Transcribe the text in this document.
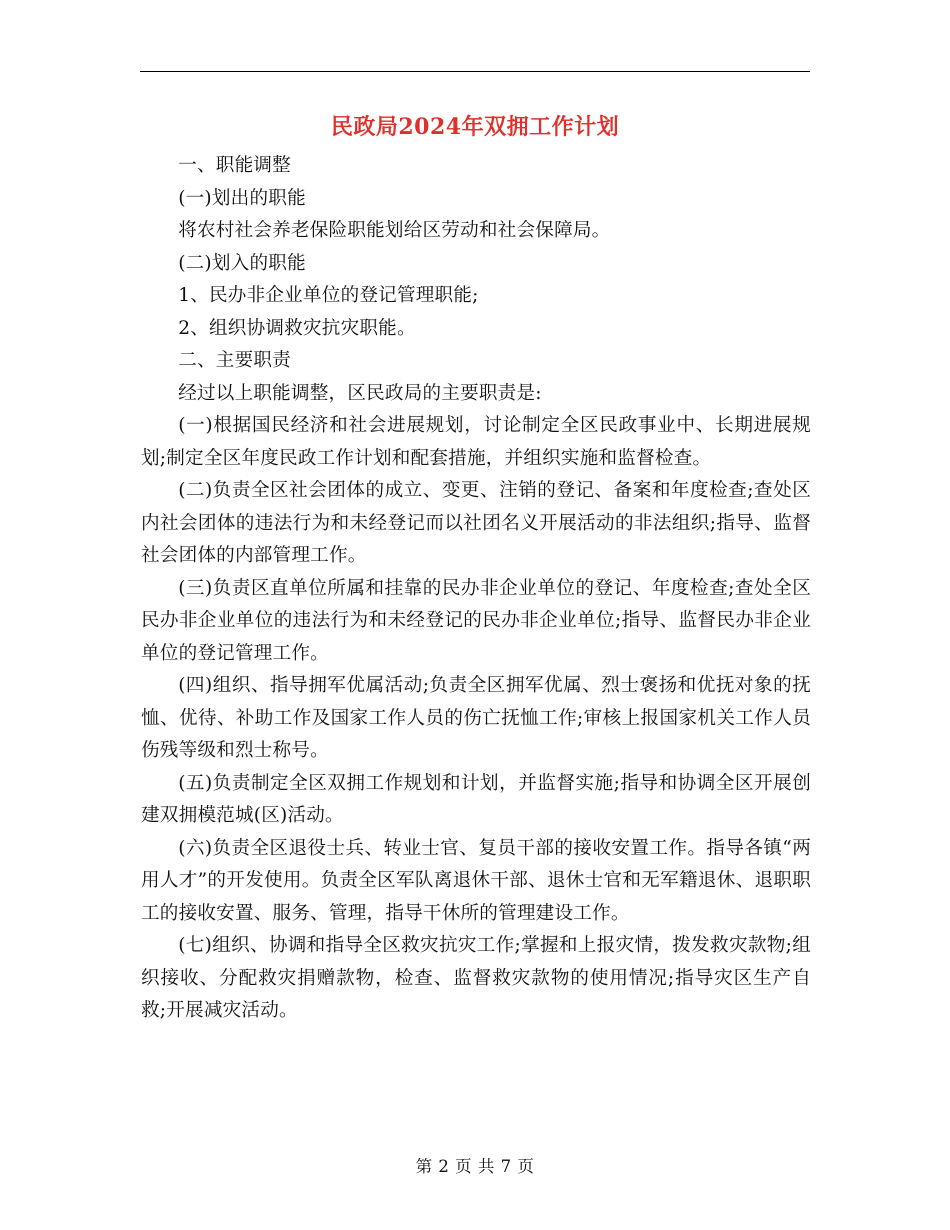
民政局2024年双拥工作计划

一、职能调整

(一)划出的职能

将农村社会养老保险职能划给区劳动和社会保障局。

(二)划入的职能

1、民办非企业单位的登记管理职能;

2、组织协调救灾抗灾职能。

二、主要职责

经过以上职能调整，区民政局的主要职责是:

(一)根据国民经济和社会进展规划，讨论制定全区民政事业中、长期进展规划;制定全区年度民政工作计划和配套措施，并组织实施和监督检查。

(二)负责全区社会团体的成立、变更、注销的登记、备案和年度检查;查处区内社会团体的违法行为和未经登记而以社团名义开展活动的非法组织;指导、监督社会团体的内部管理工作。

(三)负责区直单位所属和挂靠的民办非企业单位的登记、年度检查;查处全区民办非企业单位的违法行为和未经登记的民办非企业单位;指导、监督民办非企业单位的登记管理工作。

(四)组织、指导拥军优属活动;负责全区拥军优属、烈士褒扬和优抚对象的抚恤、优待、补助工作及国家工作人员的伤亡抚恤工作;审核上报国家机关工作人员伤残等级和烈士称号。

(五)负责制定全区双拥工作规划和计划，并监督实施;指导和协调全区开展创建双拥模范城(区)活动。

(六)负责全区退役士兵、转业士官、复员干部的接收安置工作。指导各镇“两用人才”的开发使用。负责全区军队离退休干部、退休士官和无军籍退休、退职职工的接收安置、服务、管理，指导干休所的管理建设工作。

(七)组织、协调和指导全区救灾抗灾工作;掌握和上报灾情，拨发救灾款物;组织接收、分配救灾捐赠款物，检查、监督救灾款物的使用情况;指导灾区生产自救;开展减灾活动。

第 2 页 共 7 页
